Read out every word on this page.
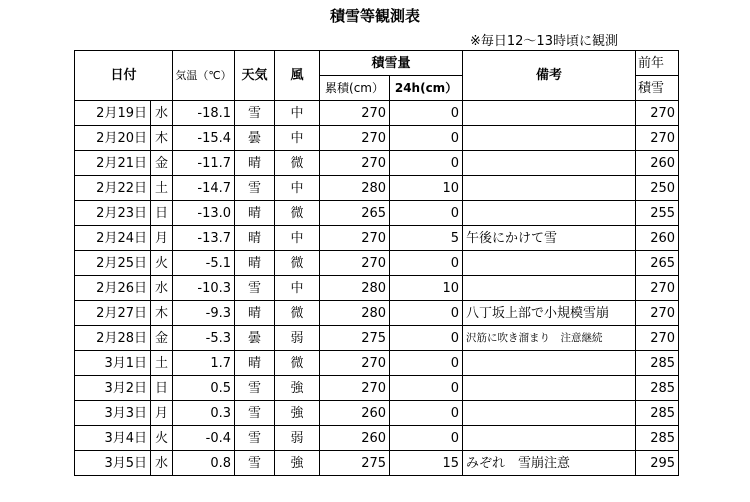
積雪等観測表
※毎日12～13時頃に観測
日付		気温（℃）	天気	風	積雪量		備考	前年
					累積(cm）	24h(cm）		積雪
2月19日	水	-18.1	雪	中	270	0		270
2月20日	木	-15.4	曇	中	270	0		270
2月21日	金	-11.7	晴	微	270	0		260
2月22日	土	-14.7	雪	中	280	10		250
2月23日	日	-13.0	晴	微	265	0		255
2月24日	月	-13.7	晴	中	270	5	午後にかけて雪	260
2月25日	火	-5.1	晴	微	270	0		265
2月26日	水	-10.3	雪	中	280	10		270
2月27日	木	-9.3	晴	微	280	0	八丁坂上部で小規模雪崩	270
2月28日	金	-5.3	曇	弱	275	0	沢筋に吹き溜まり　注意継続	270
3月1日	土	1.7	晴	微	270	0		285
3月2日	日	0.5	雪	強	270	0		285
3月3日	月	0.3	雪	強	260	0		285
3月4日	火	-0.4	雪	弱	260	0		285
3月5日	水	0.8	雪	強	275	15	みぞれ　雪崩注意	295
